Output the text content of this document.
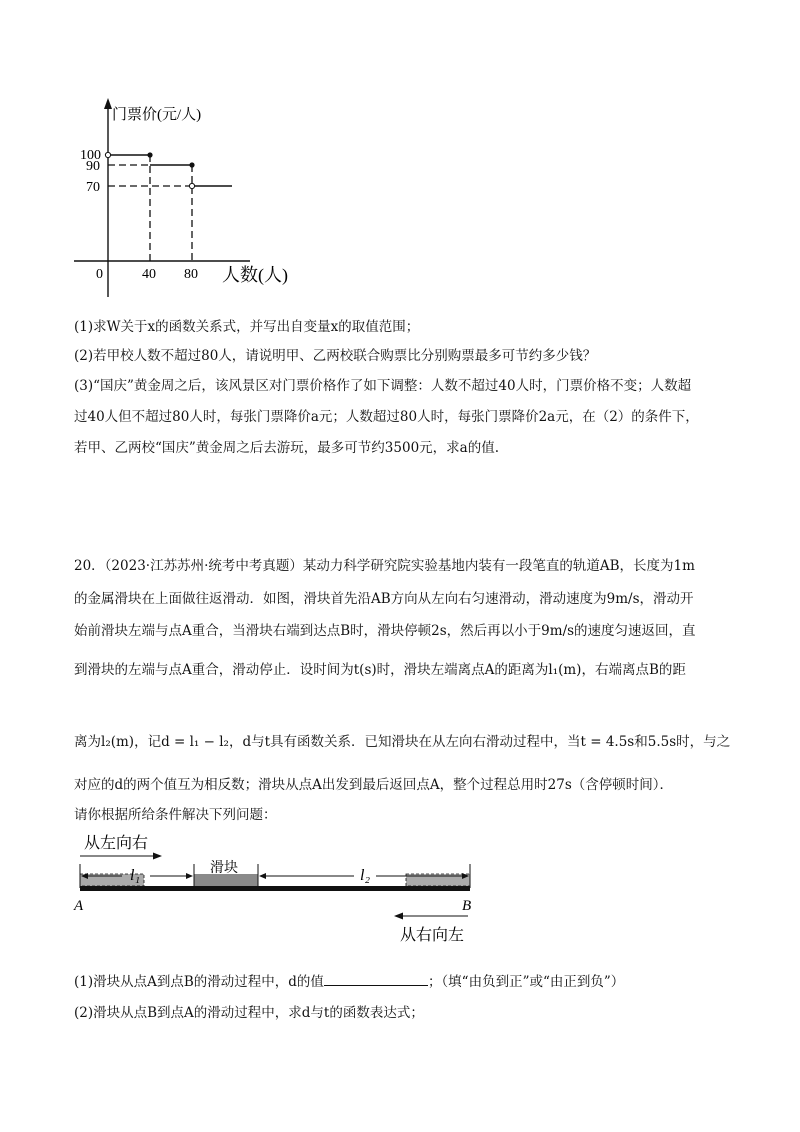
门票价(元/人)
100
90
70
0	40 80 人数(人)
(1)求W关于x的函数关系式，并写出自变量x的取值范围；
(2)若甲校人数不超过80人，请说明甲、乙两校联合购票比分别购票最多可节约多少钱？
(3)“国庆”黄金周之后，该风景区对门票价格作了如下调整：人数不超过40人时，门票价格不变；人数超
过40人但不超过80人时，每张门票降价a元；人数超过80人时，每张门票降价2a元，在（2）的条件下，
若甲、乙两校“国庆”黄金周之后去游玩，最多可节约3500元，求a的值.
20．（2023·江苏苏州·统考中考真题）某动力科学研究院实验基地内装有一段笔直的轨道AB，长度为1m
的金属滑块在上面做往返滑动．如图，滑块首先沿AB方向从左向右匀速滑动，滑动速度为9m/s，滑动开
始前滑块左端与点A重合，当滑块右端到达点B时，滑块停顿2s，然后再以小于9m/s的速度匀速返回，直
到滑块的左端与点A重合，滑动停止．设时间为t(s)时，滑块左端离点A的距离为l₁(m)，右端离点B的距
离为l₂(m)，记d = l₁ − l₂，d与t具有函数关系．已知滑块在从左向右滑动过程中，当t = 4.5s和5.5s时，与之
对应的d的两个值互为相反数；滑块从点A出发到最后返回点A，整个过程总用时27s（含停顿时间）．
请你根据所给条件解决下列问题：
从左向右
滑块
l₁	l₂
A	B
从右向左
(1)滑块从点A到点B的滑动过程中，d的值	；（填“由负到正”或“由正到负”）
(2)滑块从点B到点A的滑动过程中，求d与t的函数表达式；
